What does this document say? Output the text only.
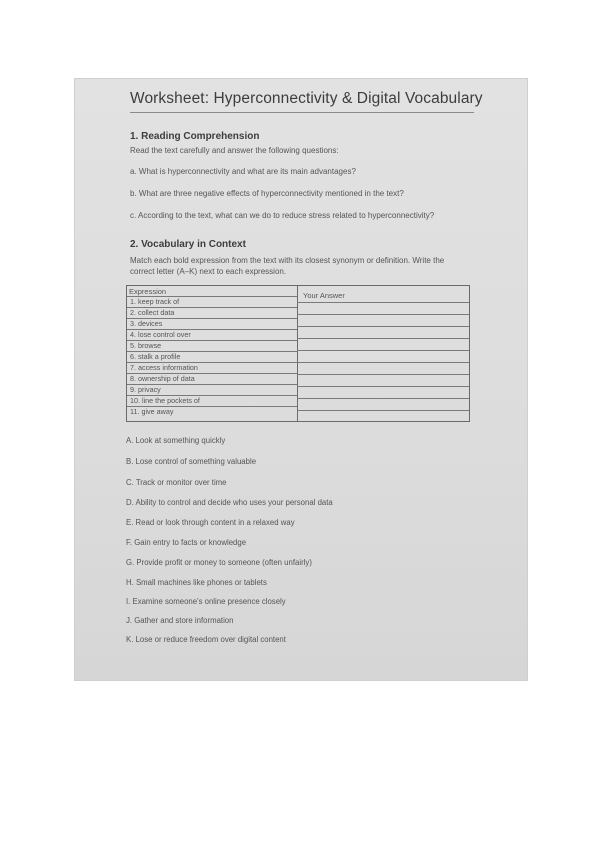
Worksheet: Hyperconnectivity & Digital Vocabulary
1. Reading Comprehension
Read the text carefully and answer the following questions:
a. What is hyperconnectivity and what are its main advantages?
b. What are three negative effects of hyperconnectivity mentioned in the text?
c. According to the text, what can we do to reduce stress related to hyperconnectivity?
2. Vocabulary in Context
Match each bold expression from the text with its closest synonym or definition. Write the
correct letter (A–K) next to each expression.
Expression	Your Answer
1. keep track of
2. collect data
3. devices
4. lose control over
5. browse
6. stalk a profile
7. access information
8. ownership of data
9. privacy
10. line the pockets of
11. give away
A. Look at something quickly
B. Lose control of something valuable
C. Track or monitor over time
D. Ability to control and decide who uses your personal data
E. Read or look through content in a relaxed way
F. Gain entry to facts or knowledge
G. Provide profit or money to someone (often unfairly)
H. Small machines like phones or tablets
I. Examine someone's online presence closely
J. Gather and store information
K. Lose or reduce freedom over digital content
